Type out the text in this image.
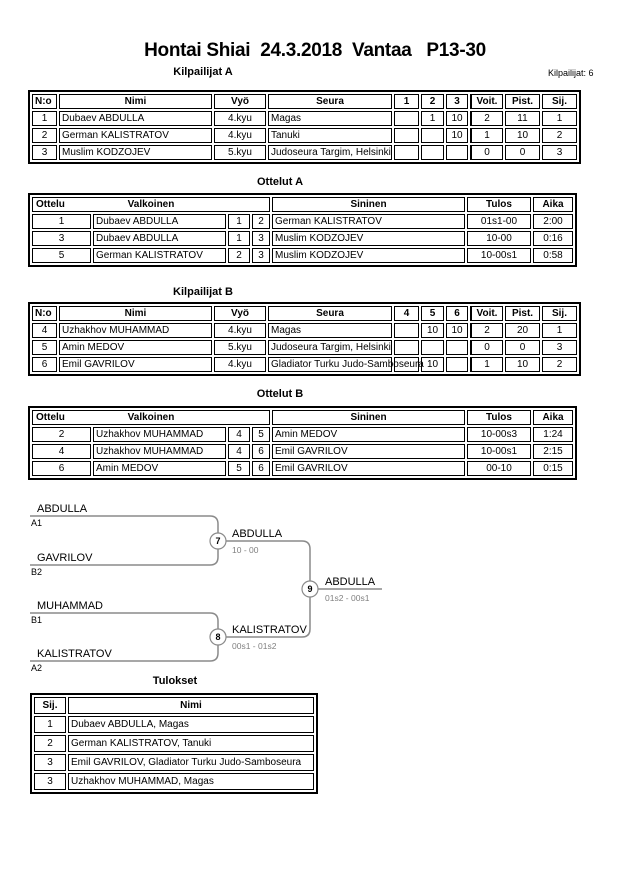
Hontai Shiai  24.3.2018  Vantaa   P13-30
Kilpailijat: 6
Kilpailijat A
N:o	Nimi	Vyö	Seura	1	2	3	Voit.	Pist.	Sij.
1	Dubaev ABDULLA	4.kyu	Magas		1	10	2	11	1
2	German KALISTRATOV	4.kyu	Tanuki			10	1	10	2
3	Muslim KODZOJEV	5.kyu	Judoseura Targim, Helsinki				0	0	3
Ottelut A
Ottelu Valkoinen				Sininen	Tulos	Aika
1	Dubaev ABDULLA	1	2	German KALISTRATOV	01s1-00	2:00
3	Dubaev ABDULLA	1	3	Muslim KODZOJEV	10-00	0:16
5	German KALISTRATOV	2	3	Muslim KODZOJEV	10-00s1	0:58
Kilpailijat B
N:o	Nimi	Vyö	Seura	4	5	6	Voit.	Pist.	Sij.
4	Uzhakhov MUHAMMAD	4.kyu	Magas		10	10	2	20	1
5	Amin MEDOV	5.kyu	Judoseura Targim, Helsinki				0	0	3
6	Emil GAVRILOV	4.kyu	Gladiator Turku Judo-Samboseura		10		1	10	2
Ottelut B
Ottelu Valkoinen				Sininen	Tulos	Aika
2	Uzhakhov MUHAMMAD	4	5	Amin MEDOV	10-00s3	1:24
4	Uzhakhov MUHAMMAD	4	6	Emil GAVRILOV	10-00s1	2:15
6	Amin MEDOV	5	6	Emil GAVRILOV	00-10	0:15
ABDULLA
A1
GAVRILOV
B2
MUHAMMAD
B1
KALISTRATOV
A2
7
ABDULLA
10 - 00
8
KALISTRATOV
00s1 - 01s2
9
ABDULLA
01s2 - 00s1
Tulokset
Sij.	Nimi
1	Dubaev ABDULLA, Magas
2	German KALISTRATOV, Tanuki
3	Emil GAVRILOV, Gladiator Turku Judo-Samboseura
3	Uzhakhov MUHAMMAD, Magas
